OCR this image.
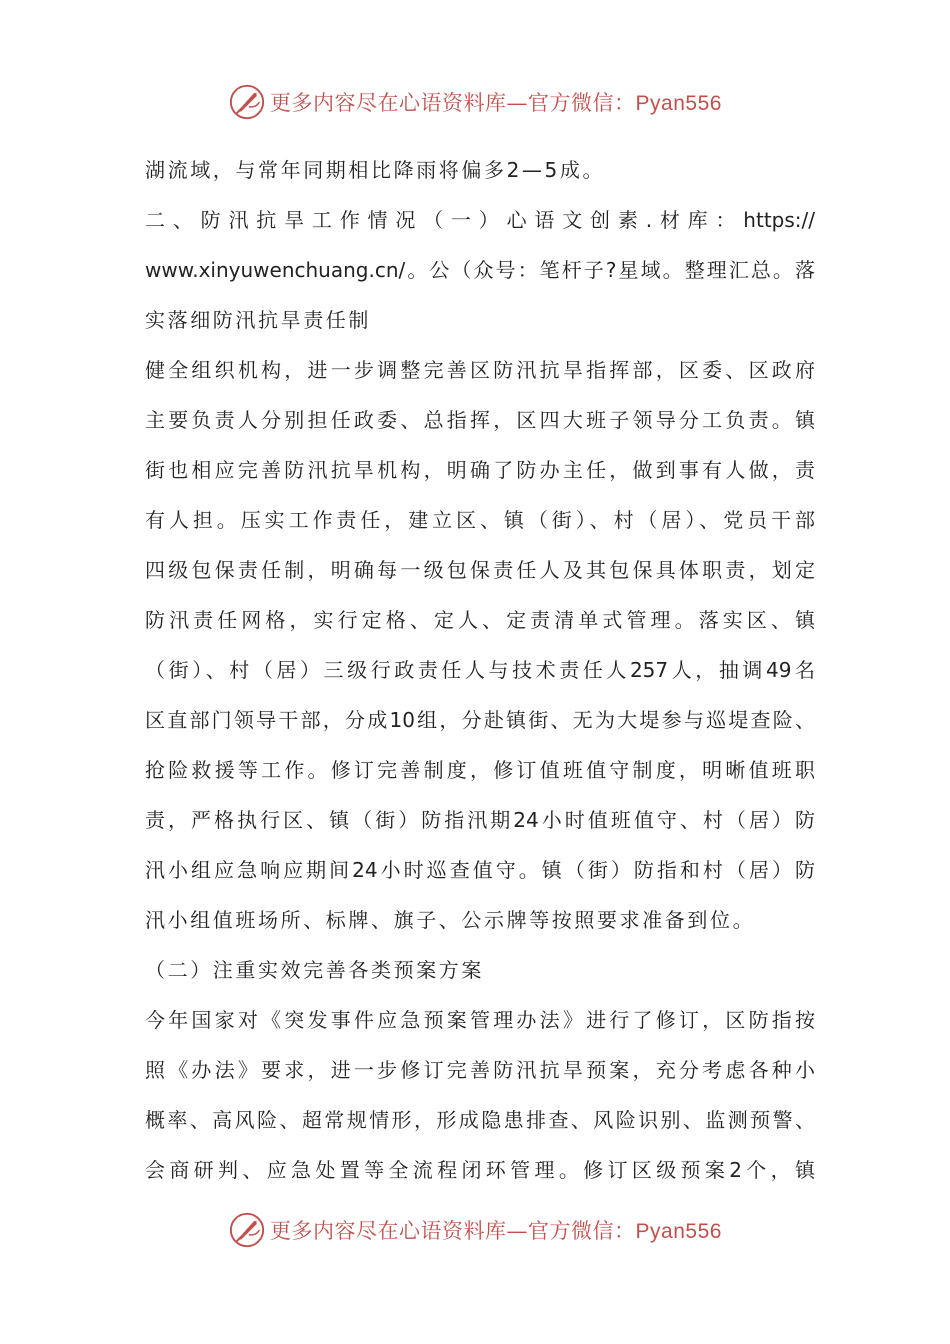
更多内容尽在心语资料库—官方微信：Pyan556
湖流域，与常年同期相比降雨将偏多2—5成。
二、防汛抗旱工作情况（一）心语文创素.材库：https://
www.xinyuwenchuang.cn/。公（众号：笔杆子?星域。整理汇总。落
实落细防汛抗旱责任制
健全组织机构，进一步调整完善区防汛抗旱指挥部，区委、区政府
主要负责人分别担任政委、总指挥，区四大班子领导分工负责。镇
街也相应完善防汛抗旱机构，明确了防办主任，做到事有人做，责
有人担。压实工作责任，建立区、镇（街）、村（居）、党员干部
四级包保责任制，明确每一级包保责任人及其包保具体职责，划定
防汛责任网格，实行定格、定人、定责清单式管理。落实区、镇
（街）、村（居）三级行政责任人与技术责任人257人，抽调49名
区直部门领导干部，分成10组，分赴镇街、无为大堤参与巡堤查险、
抢险救援等工作。修订完善制度，修订值班值守制度，明晰值班职
责，严格执行区、镇（街）防指汛期24小时值班值守、村（居）防
汛小组应急响应期间24小时巡查值守。镇（街）防指和村（居）防
汛小组值班场所、标牌、旗子、公示牌等按照要求准备到位。
（二）注重实效完善各类预案方案
今年国家对《突发事件应急预案管理办法》进行了修订，区防指按
照《办法》要求，进一步修订完善防汛抗旱预案，充分考虑各种小
概率、高风险、超常规情形，形成隐患排查、风险识别、监测预警、
会商研判、应急处置等全流程闭环管理。修订区级预案2个，镇
更多内容尽在心语资料库—官方微信：Pyan556
